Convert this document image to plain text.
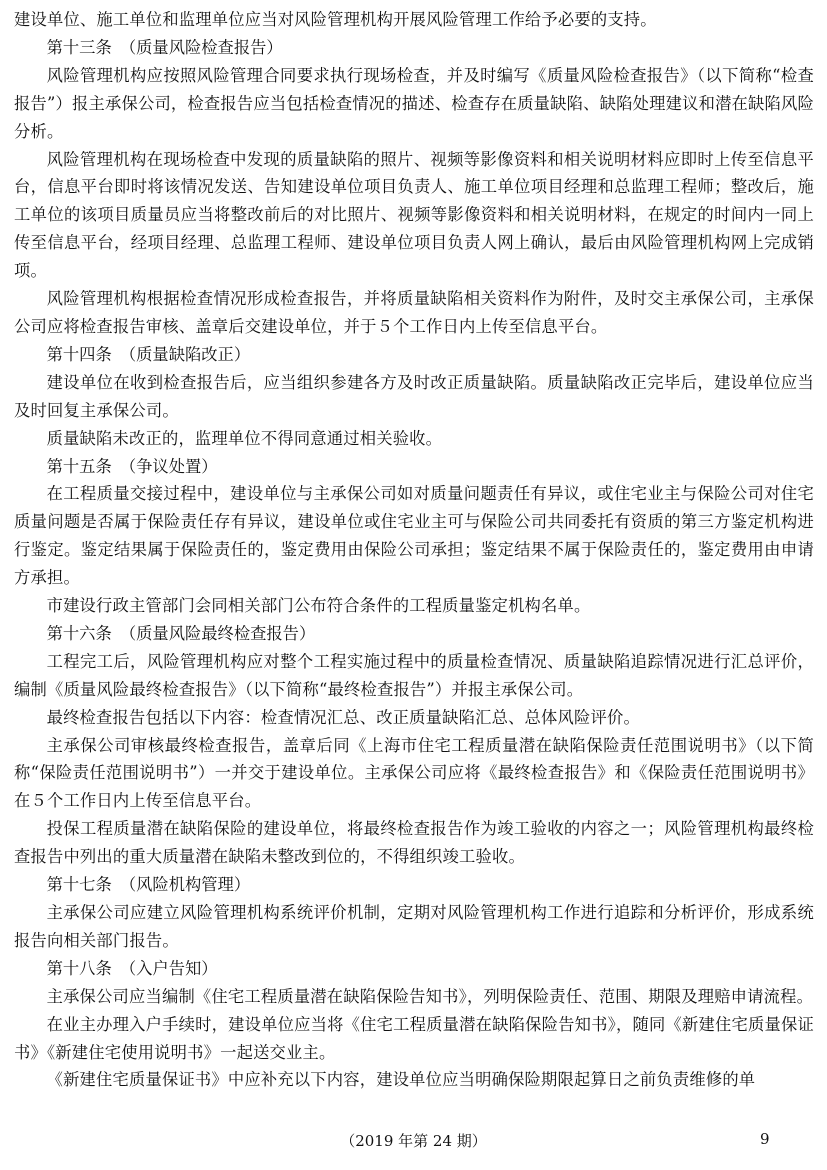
建设单位、施工单位和监理单位应当对风险管理机构开展风险管理工作给予必要的支持。

第十三条　（质量风险检查报告）

风险管理机构应按照风险管理合同要求执行现场检查，并及时编写《质量风险检查报告》（以下简称“检查报告”）报主承保公司，检查报告应当包括检查情况的描述、检查存在质量缺陷、缺陷处理建议和潜在缺陷风险分析。

风险管理机构在现场检查中发现的质量缺陷的照片、视频等影像资料和相关说明材料应即时上传至信息平台，信息平台即时将该情况发送、告知建设单位项目负责人、施工单位项目经理和总监理工程师；整改后，施工单位的该项目质量员应当将整改前后的对比照片、视频等影像资料和相关说明材料，在规定的时间内一同上传至信息平台，经项目经理、总监理工程师、建设单位项目负责人网上确认，最后由风险管理机构网上完成销项。

风险管理机构根据检查情况形成检查报告，并将质量缺陷相关资料作为附件，及时交主承保公司，主承保公司应将检查报告审核、盖章后交建设单位，并于５个工作日内上传至信息平台。

第十四条　（质量缺陷改正）

建设单位在收到检查报告后，应当组织参建各方及时改正质量缺陷。质量缺陷改正完毕后，建设单位应当及时回复主承保公司。

质量缺陷未改正的，监理单位不得同意通过相关验收。

第十五条　（争议处置）

在工程质量交接过程中，建设单位与主承保公司如对质量问题责任有异议，或住宅业主与保险公司对住宅质量问题是否属于保险责任存有异议，建设单位或住宅业主可与保险公司共同委托有资质的第三方鉴定机构进行鉴定。鉴定结果属于保险责任的，鉴定费用由保险公司承担；鉴定结果不属于保险责任的，鉴定费用由申请方承担。

市建设行政主管部门会同相关部门公布符合条件的工程质量鉴定机构名单。

第十六条　（质量风险最终检查报告）

工程完工后，风险管理机构应对整个工程实施过程中的质量检查情况、质量缺陷追踪情况进行汇总评价，编制《质量风险最终检查报告》（以下简称“最终检查报告”）并报主承保公司。

最终检查报告包括以下内容：检查情况汇总、改正质量缺陷汇总、总体风险评价。

主承保公司审核最终检查报告，盖章后同《上海市住宅工程质量潜在缺陷保险责任范围说明书》（以下简称“保险责任范围说明书”）一并交于建设单位。主承保公司应将《最终检查报告》和《保险责任范围说明书》在５个工作日内上传至信息平台。

投保工程质量潜在缺陷保险的建设单位，将最终检查报告作为竣工验收的内容之一；风险管理机构最终检查报告中列出的重大质量潜在缺陷未整改到位的，不得组织竣工验收。

第十七条　（风险机构管理）

主承保公司应建立风险管理机构系统评价机制，定期对风险管理机构工作进行追踪和分析评价，形成系统报告向相关部门报告。

第十八条　（入户告知）

主承保公司应当编制《住宅工程质量潜在缺陷保险告知书》，列明保险责任、范围、期限及理赔申请流程。

在业主办理入户手续时，建设单位应当将《住宅工程质量潜在缺陷保险告知书》，随同《新建住宅质量保证书》《新建住宅使用说明书》一起送交业主。

《新建住宅质量保证书》中应补充以下内容，建设单位应当明确保险期限起算日之前负责维修的单

（2019 年第 24 期）	9
